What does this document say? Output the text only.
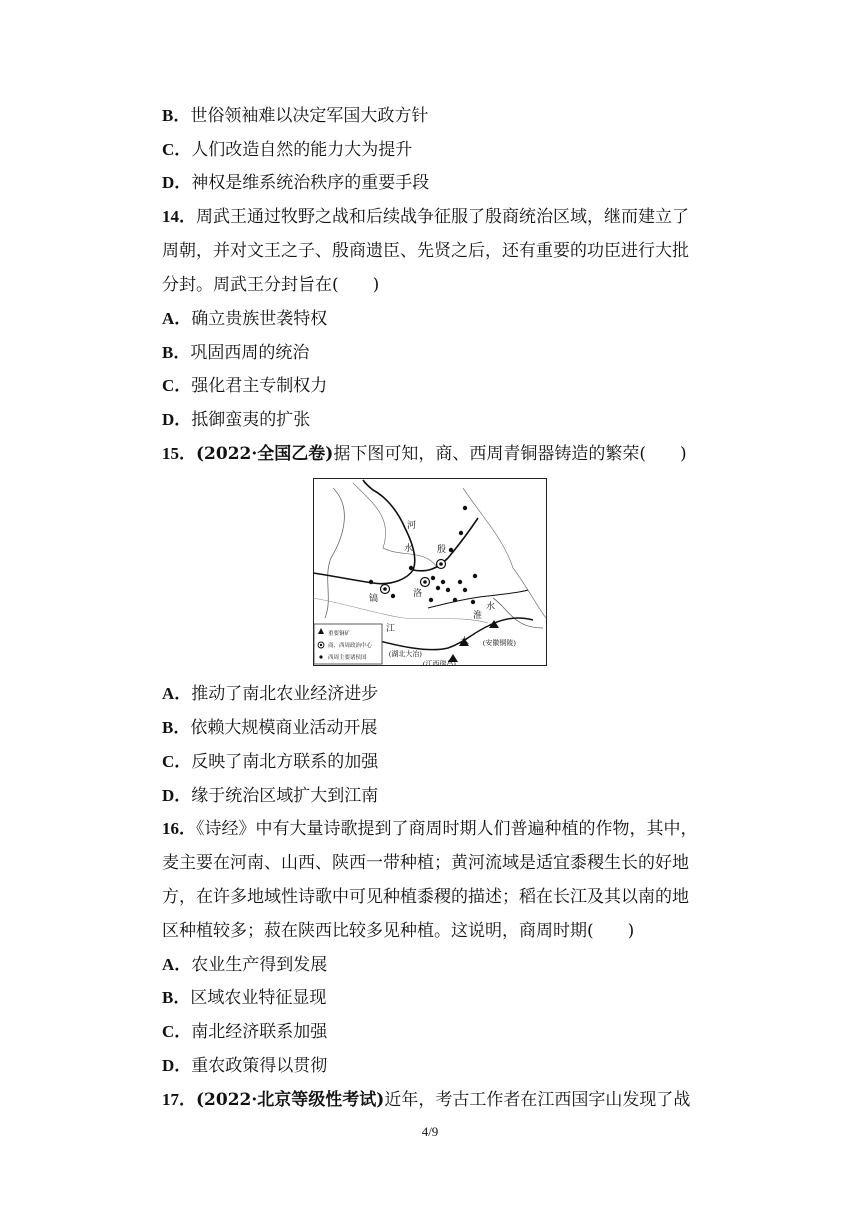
B．世俗领袖难以决定军国大政方针
C．人们改造自然的能力大为提升
D．神权是维系统治秩序的重要手段
14．周武王通过牧野之战和后续战争征服了殷商统治区域，继而建立了
周朝，并对文王之子、殷商遗臣、先贤之后，还有重要的功臣进行大批
分封。周武王分封旨在(　　)
A．确立贵族世袭特权
B．巩固西周的统治
C．强化君主专制权力
D．抵御蛮夷的扩张
15．(2022·全国乙卷)据下图可知，商、西周青铜器铸造的繁荣(　　)
河
水	殷
镐	洛
淮
水
江
水
(湖北大冶)
(江西瑞昌)
(安徽铜陵)
重要铜矿
商、西周政治中心
西周主要诸侯国
A．推动了南北农业经济进步
B．依赖大规模商业活动开展
C．反映了南北方联系的加强
D．缘于统治区域扩大到江南
16．《诗经》中有大量诗歌提到了商周时期人们普遍种植的作物，其中，
麦主要在河南、山西、陕西一带种植；黄河流域是适宜黍稷生长的好地
方，在许多地域性诗歌中可见种植黍稷的描述；稻在长江及其以南的地
区种植较多；菽在陕西比较多见种植。这说明，商周时期(　　)
A．农业生产得到发展
B．区域农业特征显现
C．南北经济联系加强
D．重农政策得以贯彻
17．(2022·北京等级性考试)近年，考古工作者在江西国字山发现了战
4/9
